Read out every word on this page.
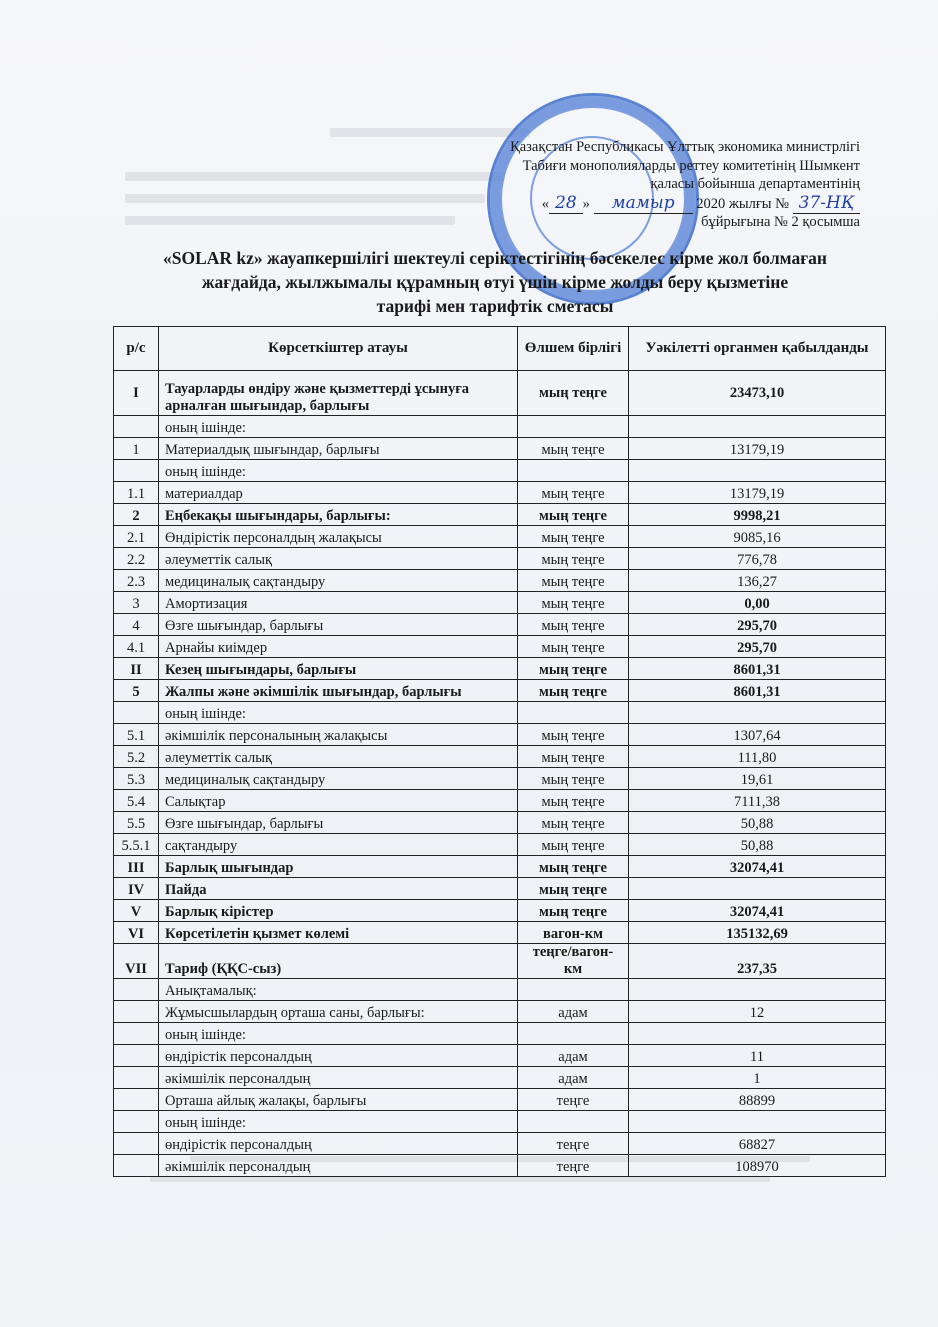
Қазақстан Республикасы Ұлттық экономика министрлігі
Табиғи монополияларды реттеу комитетінің Шымкент
қаласы бойынша департаментінің
« 28 » мамыр 2020 жылғы № 37-НҚ
бұйрығына № 2 қосымша
«SOLAR kz» жауапкершілігі шектеулі серіктестігінің бәсекелес кірме жол болмаған
жағдайда, жылжымалы құрамның өтуі үшін кірме жолды беру қызметіне
тарифі мен тарифтік сметасы
р/с	Көрсеткіштер атауы	Өлшем бірлігі	Уәкілетті органмен қабылданды
I	Тауарларды өндіру және қызметтерді ұсынуға арналған шығындар, барлығы	мың теңге	23473,10
	оның ішінде:		
1	Материалдық шығындар, барлығы	мың теңге	13179,19
	оның ішінде:		
1.1	материалдар	мың теңге	13179,19
2	Еңбекақы шығындары, барлығы:	мың теңге	9998,21
2.1	Өндірістік персоналдың жалақысы	мың теңге	9085,16
2.2	әлеуметтік салық	мың теңге	776,78
2.3	медициналық сақтандыру	мың теңге	136,27
3	Амортизация	мың теңге	0,00
4	Өзге шығындар, барлығы	мың теңге	295,70
4.1	Арнайы киімдер	мың теңге	295,70
II	Кезең шығындары, барлығы	мың теңге	8601,31
5	Жалпы және әкімшілік шығындар, барлығы	мың теңге	8601,31
	оның ішінде:		
5.1	әкімшілік персоналының жалақысы	мың теңге	1307,64
5.2	әлеуметтік салық	мың теңге	111,80
5.3	медициналық сақтандыру	мың теңге	19,61
5.4	Салықтар	мың теңге	7111,38
5.5	Өзге шығындар, барлығы	мың теңге	50,88
5.5.1	сақтандыру	мың теңге	50,88
III	Барлық шығындар	мың теңге	32074,41
IV	Пайда	мың теңге	
V	Барлық кірістер	мың теңге	32074,41
VI	Көрсетілетін қызмет көлемі	вагон-км	135132,69
VII	Тариф (ҚҚС-сыз)	теңге/вагон-км	237,35
	Анықтамалық:		
	Жұмысшылардың орташа саны, барлығы:	адам	12
	оның ішінде:		
	өндірістік персоналдың	адам	11
	әкімшілік персоналдың	адам	1
	Орташа айлық жалақы, барлығы	теңге	88899
	оның ішінде:		
	өндірістік персоналдың	теңге	68827
	әкімшілік персоналдың	теңге	108970
